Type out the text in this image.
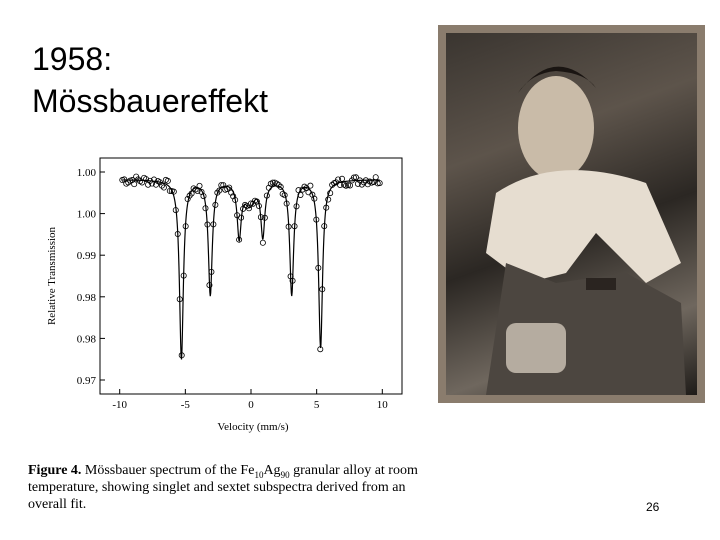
1958:
Mössbauereffekt
-10	-5	0	5	10
1.00
1.00
0.99
0.98
0.98
0.97
Velocity (mm/s)
Relative Transmission
Figure 4. Mössbauer spectrum of the $Fe_{10}Ag_{90}$ granular alloy at room temperature, showing singlet and sextet subspectra derived from an overall fit.	26
